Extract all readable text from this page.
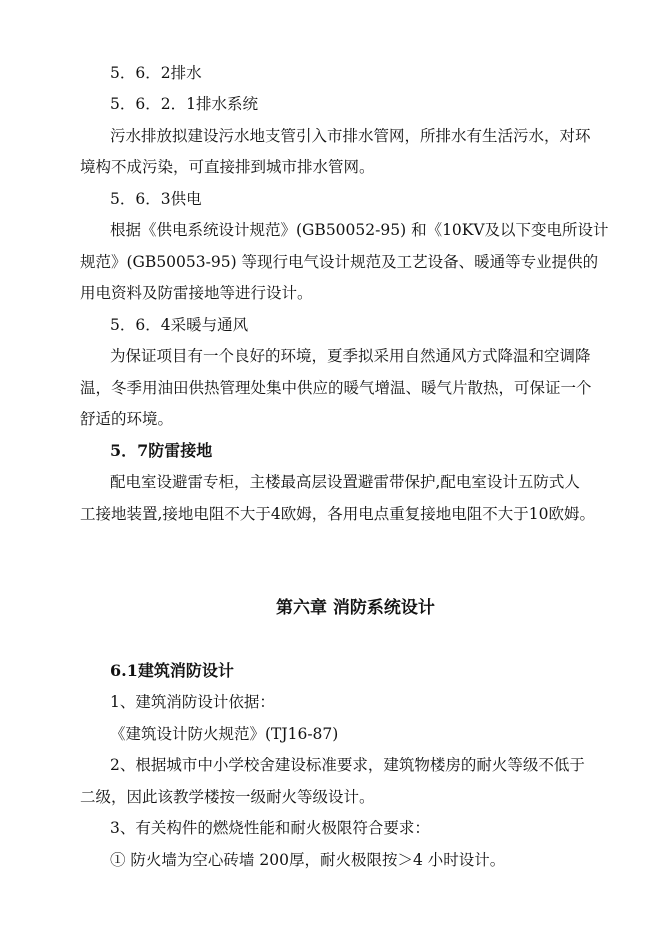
5．6．2排水
5．6．2．1排水系统
污水排放拟建设污水地支管引入市排水管网，所排水有生活污水，对环
境构不成污染，可直接排到城市排水管网。
5．6．3供电
根据《供电系统设计规范》(GB50052-95) 和《10KV及以下变电所设计
规范》(GB50053-95) 等现行电气设计规范及工艺设备、暖通等专业提供的
用电资料及防雷接地等进行设计。
5．6．4采暖与通风
为保证项目有一个良好的环境，夏季拟采用自然通风方式降温和空调降
温，冬季用油田供热管理处集中供应的暖气增温、暖气片散热，可保证一个
舒适的环境。
5．7防雷接地
配电室设避雷专柜，主楼最高层设置避雷带保护,配电室设计五防式人
工接地装置,接地电阻不大于4欧姆，各用电点重复接地电阻不大于10欧姆。
第六章 消防系统设计
6.1建筑消防设计
1、建筑消防设计依据：
《建筑设计防火规范》(TJ16-87)
2、根据城市中小学校舍建设标准要求，建筑物楼房的耐火等级不低于
二级，因此该教学楼按一级耐火等级设计。
3、有关构件的燃烧性能和耐火极限符合要求：
① 防火墙为空心砖墙 200厚，耐火极限按＞4 小时设计。
